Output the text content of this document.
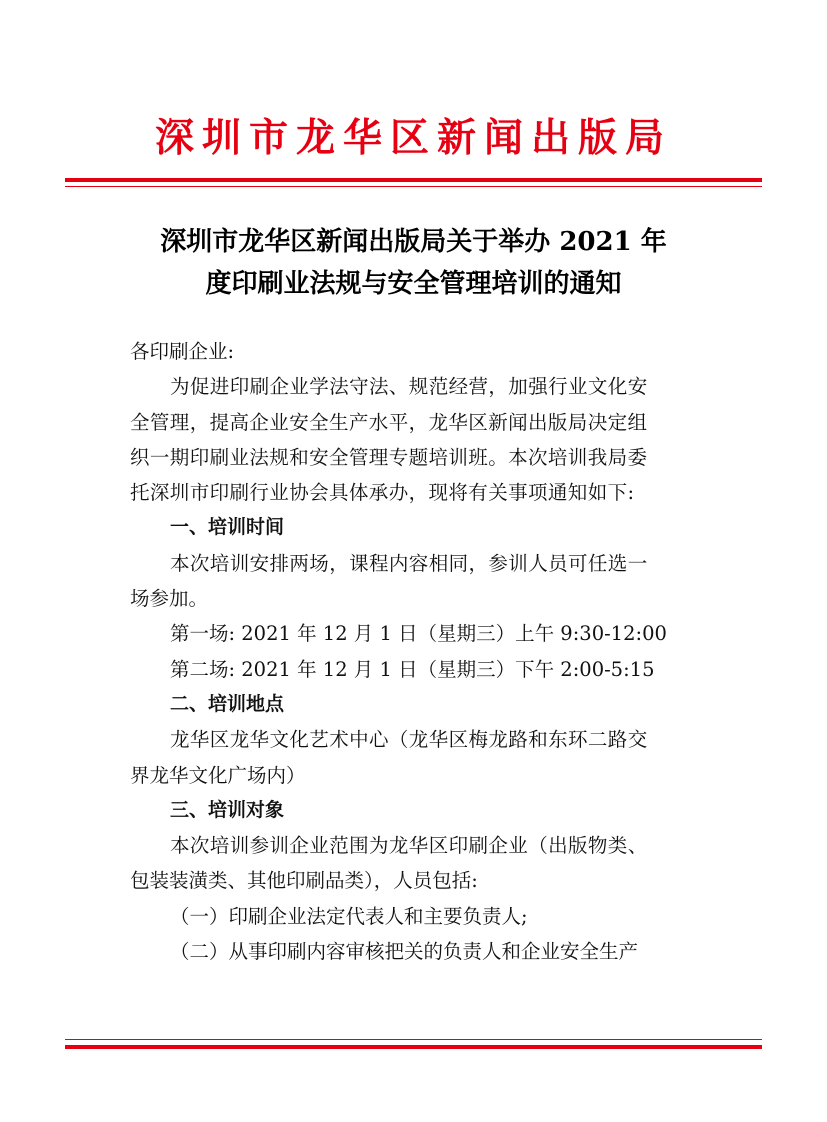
深圳市龙华区新闻出版局
深圳市龙华区新闻出版局关于举办 2021 年
度印刷业法规与安全管理培训的通知

各印刷企业:

为促进印刷企业学法守法、规范经营，加强行业文化安

全管理，提高企业安全生产水平，龙华区新闻出版局决定组

织一期印刷业法规和安全管理专题培训班。本次培训我局委

托深圳市印刷行业协会具体承办，现将有关事项通知如下:

一、培训时间

本次培训安排两场，课程内容相同，参训人员可任选一

场参加。

第一场: 2021 年 12 月 1 日（星期三）上午 9:30-12:00

第二场: 2021 年 12 月 1 日（星期三）下午 2:00-5:15

二、培训地点

龙华区龙华文化艺术中心（龙华区梅龙路和东环二路交

界龙华文化广场内）

三、培训对象

本次培训参训企业范围为龙华区印刷企业（出版物类、

包装装潢类、其他印刷品类），人员包括:

（一）印刷企业法定代表人和主要负责人;

（二）从事印刷内容审核把关的负责人和企业安全生产
